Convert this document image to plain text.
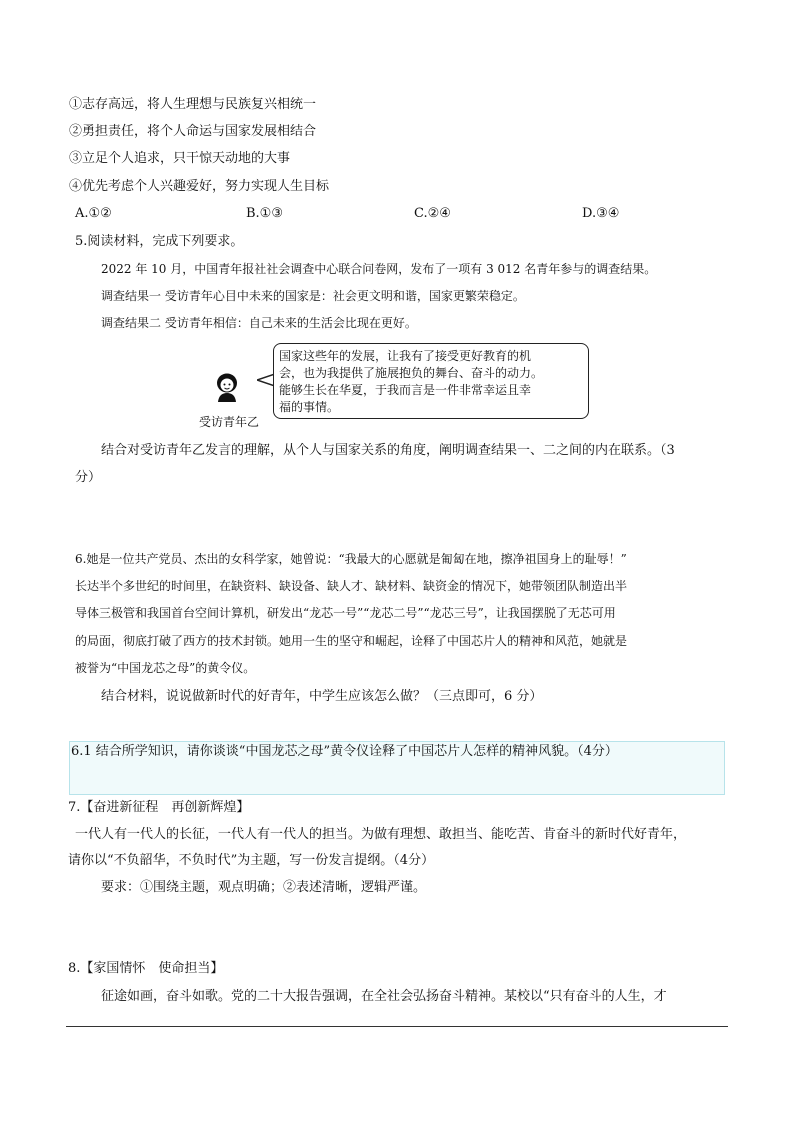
①志存高远，将人生理想与民族复兴相统一
②勇担责任，将个人命运与国家发展相结合
③立足个人追求，只干惊天动地的大事
④优先考虑个人兴趣爱好，努力实现人生目标
A.①②	B.①③	C.②④	D.③④
5.阅读材料，完成下列要求。
2022 年 10 月，中国青年报社社会调查中心联合问卷网，发布了一项有 3 012 名青年参与的调查结果。
调查结果一 受访青年心目中未来的国家是：社会更文明和谐，国家更繁荣稳定。
调查结果二 受访青年相信：自己未来的生活会比现在更好。
国家这些年的发展，让我有了接受更好教育的机
会，也为我提供了施展抱负的舞台、奋斗的动力。
能够生长在华夏，于我而言是一件非常幸运且幸
福的事情。
受访青年乙
结合对受访青年乙发言的理解，从个人与国家关系的角度，阐明调查结果一、二之间的内在联系。（3
分）
6.她是一位共产党员、杰出的女科学家，她曾说：“我最大的心愿就是匍匐在地，擦净祖国身上的耻辱！”
长达半个多世纪的时间里，在缺资料、缺设备、缺人才、缺材料、缺资金的情况下，她带领团队制造出半
导体三极管和我国首台空间计算机，研发出“龙芯一号”“龙芯二号”“龙芯三号”，让我国摆脱了无芯可用
的局面，彻底打破了西方的技术封锁。她用一生的坚守和崛起，诠释了中国芯片人的精神和风范，她就是
被誉为“中国龙芯之母”的黄令仪。
结合材料，说说做新时代的好青年，中学生应该怎么做？（三点即可，6 分）
6.1 结合所学知识，请你谈谈“中国龙芯之母”黄令仪诠释了中国芯片人怎样的精神风貌。（4分）
7.【奋进新征程　再创新辉煌】
一代人有一代人的长征，一代人有一代人的担当。为做有理想、敢担当、能吃苦、肯奋斗的新时代好青年，
请你以“不负韶华，不负时代”为主题，写一份发言提纲。（4分）
要求：①围绕主题，观点明确；②表述清晰，逻辑严谨。
8.【家国情怀　使命担当】
征途如画，奋斗如歌。党的二十大报告强调，在全社会弘扬奋斗精神。某校以“只有奋斗的人生，才
